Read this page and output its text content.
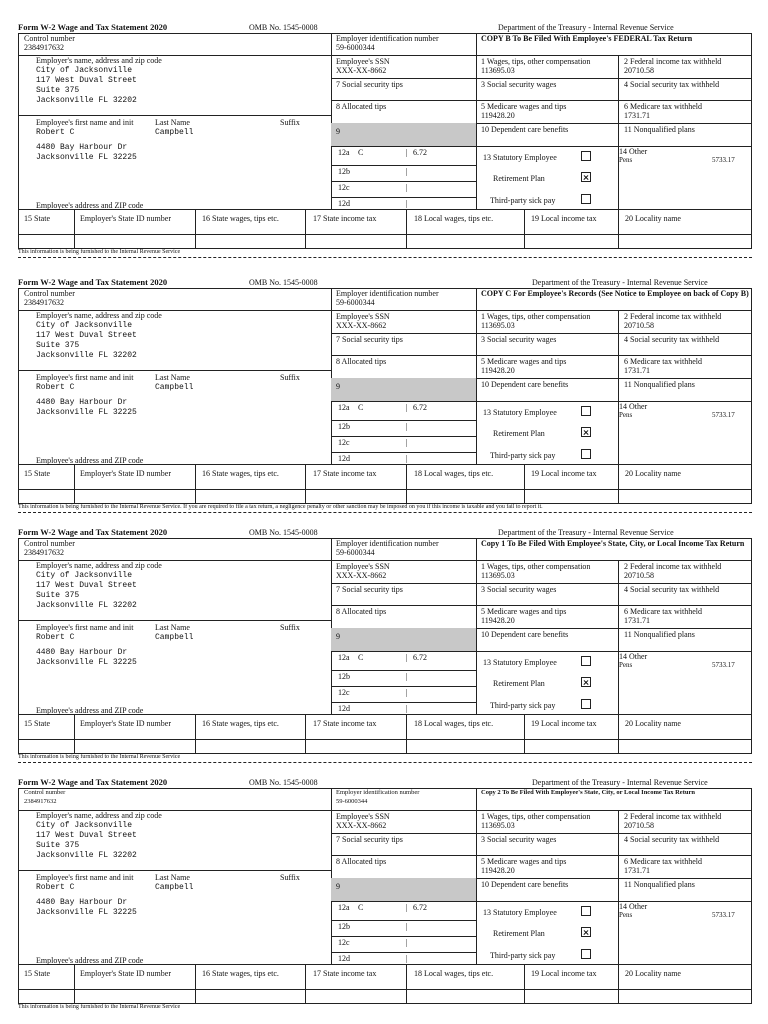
Form W-2 Wage and Tax Statement 2020	OMB No. 1545-0008	Department of the Treasury - Internal Revenue Service
Control number
2384917632
Employer's name, address and zip code
City of Jacksonville
117 West Duval Street
Suite 375
Jacksonville FL 32202
Employee's first name and init	Last Name	Suffix
Robert C	Campbell
4480 Bay Harbour Dr
Jacksonville FL 32225
Employee's address and ZIP code
Employer identification number
59-6000344
Employee's SSN
XXX-XX-8662
7 Social security tips
8 Allocated tips
9
12a C	| 6.72
12b	|
12c	|
12d	|
COPY B To Be Filed With Employee's FEDERAL Tax Return
1 Wages, tips, other compensation
113695.03
2 Federal income tax withheld
20710.58
3 Social security wages	4 Social security tax withheld
5 Medicare wages and tips
119428.20
6 Medicare tax withheld
1731.71
10 Dependent care benefits	11 Nonqualified plans
13 Statutory Employee
Retirement Plan
Third-party sick pay
14 Other
Pens	5733.17
15 State	Employer's State ID number	16 State wages, tips etc.	17 State income tax	18 Local wages, tips etc.	19 Local income tax	20 Locality name
This information is being furnished to the Internal Revenue Service
Form W-2 Wage and Tax Statement 2020	OMB No. 1545-0008	Department of the Treasury - Internal Revenue Service
Control number
2384917632
Employer's name, address and zip code
City of Jacksonville
117 West Duval Street
Suite 375
Jacksonville FL 32202
Employee's first name and init	Last Name	Suffix
Robert C	Campbell
4480 Bay Harbour Dr
Jacksonville FL 32225
Employee's address and ZIP code
Employer identification number
59-6000344
Employee's SSN
XXX-XX-8662
7 Social security tips
8 Allocated tips
9
12a C	| 6.72
12b	|
12c	|
12d	|
COPY C For Employee's Records (See Notice to Employee on back of Copy B)
1 Wages, tips, other compensation
113695.03
2 Federal income tax withheld
20710.58
3 Social security wages	4 Social security tax withheld
5 Medicare wages and tips
119428.20
6 Medicare tax withheld
1731.71
10 Dependent care benefits	11 Nonqualified plans
13 Statutory Employee
Retirement Plan
Third-party sick pay
14 Other
Pens	5733.17
15 State	Employer's State ID number	16 State wages, tips etc.	17 State income tax	18 Local wages, tips etc.	19 Local income tax	20 Locality name
This information is being furnished to the Internal Revenue Service. If you are required to file a tax return, a negligence penalty or other sanction may be imposed on you if this income is taxable and you fail to report it.
Form W-2 Wage and Tax Statement 2020	OMB No. 1545-0008	Department of the Treasury - Internal Revenue Service
Control number
2384917632
Employer's name, address and zip code
City of Jacksonville
117 West Duval Street
Suite 375
Jacksonville FL 32202
Employee's first name and init	Last Name	Suffix
Robert C	Campbell
4480 Bay Harbour Dr
Jacksonville FL 32225
Employee's address and ZIP code
Employer identification number
59-6000344
Employee's SSN
XXX-XX-8662
7 Social security tips
8 Allocated tips
9
12a C	| 6.72
12b	|
12c	|
12d	|
Copy 1 To Be Filed With Employee's State, City, or Local Income Tax Return
1 Wages, tips, other compensation
113695.03
2 Federal income tax withheld
20710.58
3 Social security wages	4 Social security tax withheld
5 Medicare wages and tips
119428.20
6 Medicare tax withheld
1731.71
10 Dependent care benefits	11 Nonqualified plans
13 Statutory Employee
Retirement Plan
Third-party sick pay
14 Other
Pens	5733.17
15 State	Employer's State ID number	16 State wages, tips etc.	17 State income tax	18 Local wages, tips etc.	19 Local income tax	20 Locality name
This information is being furnished to the Internal Revenue Service
Form W-2 Wage and Tax Statement 2020	OMB No. 1545-0008	Department of the Treasury - Internal Revenue Service
Control number
2384917632
Employer's name, address and zip code
City of Jacksonville
117 West Duval Street
Suite 375
Jacksonville FL 32202
Employee's first name and init	Last Name	Suffix
Robert C	Campbell
4480 Bay Harbour Dr
Jacksonville FL 32225
Employee's address and ZIP code
Employer identification number
59-6000344
Employee's SSN
XXX-XX-8662
7 Social security tips
8 Allocated tips
9
12a C	| 6.72
12b	|
12c	|
12d	|
Copy 2 To Be Filed With Employee's State, City, or Local Income Tax Return
1 Wages, tips, other compensation
113695.03
2 Federal income tax withheld
20710.58
3 Social security wages	4 Social security tax withheld
5 Medicare wages and tips
119428.20
6 Medicare tax withheld
1731.71
10 Dependent care benefits	11 Nonqualified plans
13 Statutory Employee
Retirement Plan
Third-party sick pay
14 Other
Pens	5733.17
15 State	Employer's State ID number	16 State wages, tips etc.	17 State income tax	18 Local wages, tips etc.	19 Local income tax	20 Locality name
This information is being furnished to the Internal Revenue Service
